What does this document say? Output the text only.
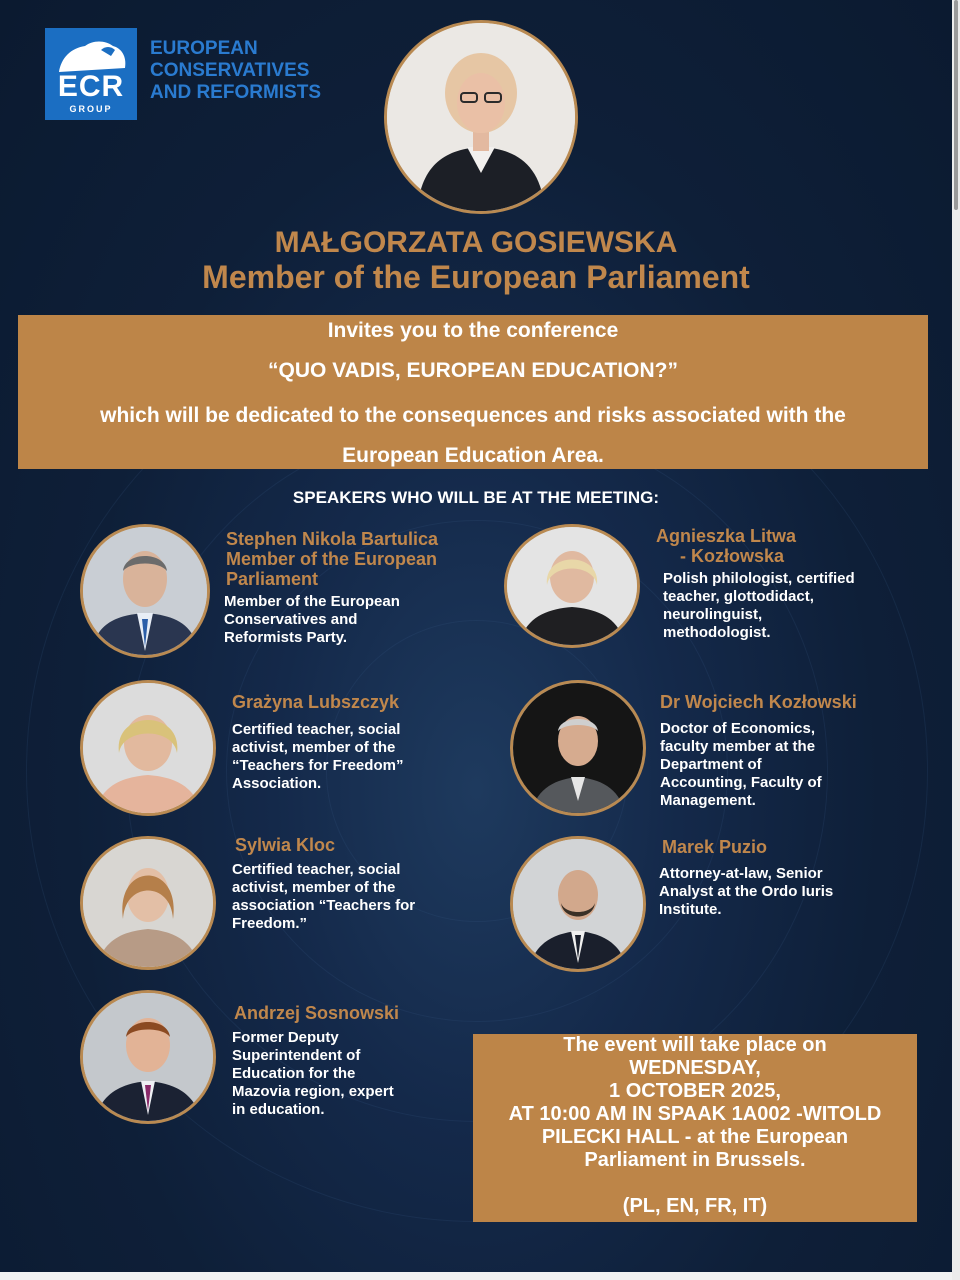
ECR
GROUP
EUROPEAN
CONSERVATIVES
AND REFORMISTS
MAŁGORZATA GOSIEWSKA
Member of the European Parliament
Invites you to the conference
“QUO VADIS, EUROPEAN EDUCATION?”
which will be dedicated to the consequences and risks associated with the
European Education Area.
SPEAKERS WHO WILL BE AT THE MEETING:
Stephen Nikola Bartulica
Member of the European
Parliament
Member of the European
Conservatives and
Reformists Party.
Agnieszka Litwa
- Kozłowska
Polish philologist, certified
teacher, glottodidact,
neurolinguist,
methodologist.
Grażyna Lubszczyk
Certified teacher, social
activist, member of the
“Teachers for Freedom”
Association.
Dr Wojciech Kozłowski
Doctor of Economics,
faculty member at the
Department of
Accounting, Faculty of
Management.
Sylwia Kloc
Certified teacher, social
activist, member of the
association “Teachers for
Freedom.”
Marek Puzio
Attorney-at-law, Senior
Analyst at the Ordo Iuris
Institute.
Andrzej Sosnowski
Former Deputy
Superintendent of
Education for the
Mazovia region, expert
in education.
The event will take place on
WEDNESDAY,
1 OCTOBER 2025,
AT 10:00 AM IN SPAAK 1A002 -WITOLD
PILECKI HALL - at the European
Parliament in Brussels.
(PL, EN, FR, IT)
